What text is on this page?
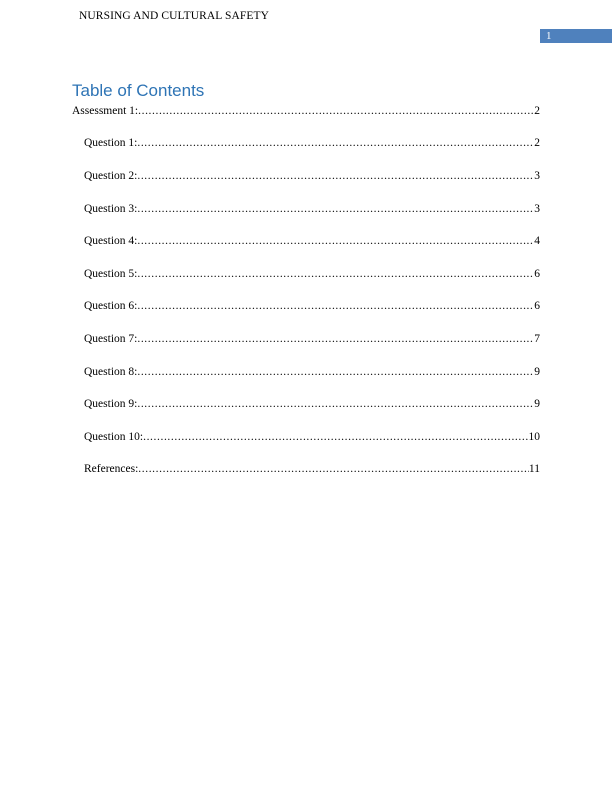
NURSING AND CULTURAL SAFETY
1
Table of Contents
Assessment 1: .....	2
Question 1: .....	2
Question 2: .....	3
Question 3: .....	3
Question 4: .....	4
Question 5: .....	6
Question 6: .....	6
Question 7: .....	7
Question 8: .....	9
Question 9: .....	9
Question 10: .....	10
References: .....	11
